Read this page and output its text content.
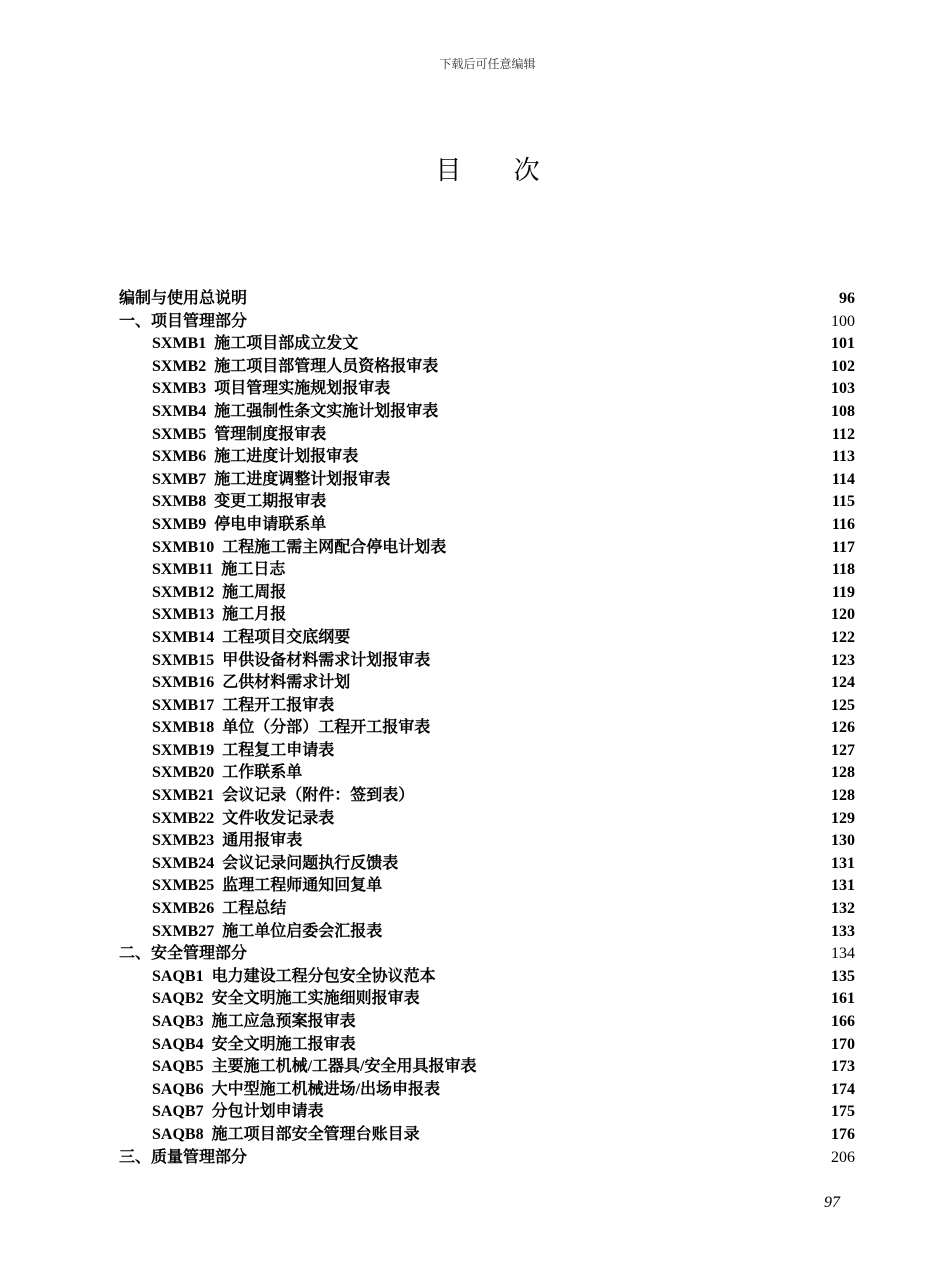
下载后可任意编辑
目 次
编制与使用总说明	96
一、项目管理部分	100
SXMB1 施工项目部成立发文	101
SXMB2 施工项目部管理人员资格报审表	102
SXMB3 项目管理实施规划报审表	103
SXMB4 施工强制性条文实施计划报审表	108
SXMB5 管理制度报审表	112
SXMB6 施工进度计划报审表	113
SXMB7 施工进度调整计划报审表	114
SXMB8 变更工期报审表	115
SXMB9 停电申请联系单	116
SXMB10 工程施工需主网配合停电计划表	117
SXMB11 施工日志	118
SXMB12 施工周报	119
SXMB13 施工月报	120
SXMB14 工程项目交底纲要	122
SXMB15 甲供设备材料需求计划报审表	123
SXMB16 乙供材料需求计划	124
SXMB17 工程开工报审表	125
SXMB18 单位（分部）工程开工报审表	126
SXMB19 工程复工申请表	127
SXMB20 工作联系单	128
SXMB21 会议记录（附件：签到表）	128
SXMB22 文件收发记录表	129
SXMB23 通用报审表	130
SXMB24 会议记录问题执行反馈表	131
SXMB25 监理工程师通知回复单	131
SXMB26 工程总结	132
SXMB27 施工单位启委会汇报表	133
二、安全管理部分	134
SAQB1 电力建设工程分包安全协议范本	135
SAQB2 安全文明施工实施细则报审表	161
SAQB3 施工应急预案报审表	166
SAQB4 安全文明施工报审表	170
SAQB5 主要施工机械/工器具/安全用具报审表	173
SAQB6 大中型施工机械进场/出场申报表	174
SAQB7 分包计划申请表	175
SAQB8 施工项目部安全管理台账目录	176
三、质量管理部分	206
97
